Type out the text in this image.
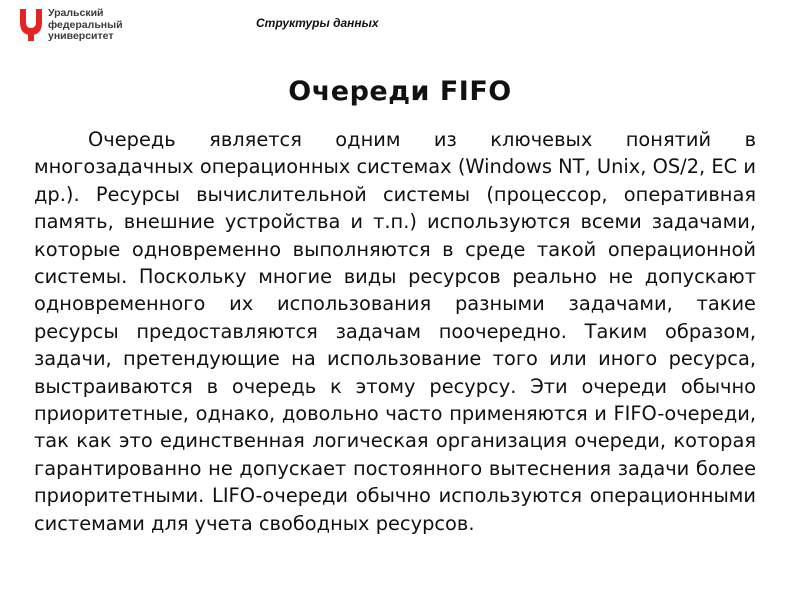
Уральский
федеральный
университет
Структуры данных
Очереди FIFO

Очередь является одним из ключевых понятий в многозадачных операционных системах (Windows NT, Unix, OS/2, ЕС и др.). Ресурсы вычислительной системы (процессор, оперативная память, внешние устройства и т.п.) используются всеми задачами, которые одновременно выполняются в среде такой операционной системы. Поскольку многие виды ресурсов реально не допускают одновременного их использования разными задачами, такие ресурсы предоставляются задачам поочередно. Таким образом, задачи, претендующие на использование того или иного ресурса, выстраиваются в очередь к этому ресурсу. Эти очереди обычно приоритетные, однако, довольно часто применяются и FIFO-очереди, так как это единственная логическая организация очереди, которая гарантированно не допускает постоянного вытеснения задачи более приоритетными. LIFO-очереди обычно используются операционными системами для учета свободных ресурсов.
